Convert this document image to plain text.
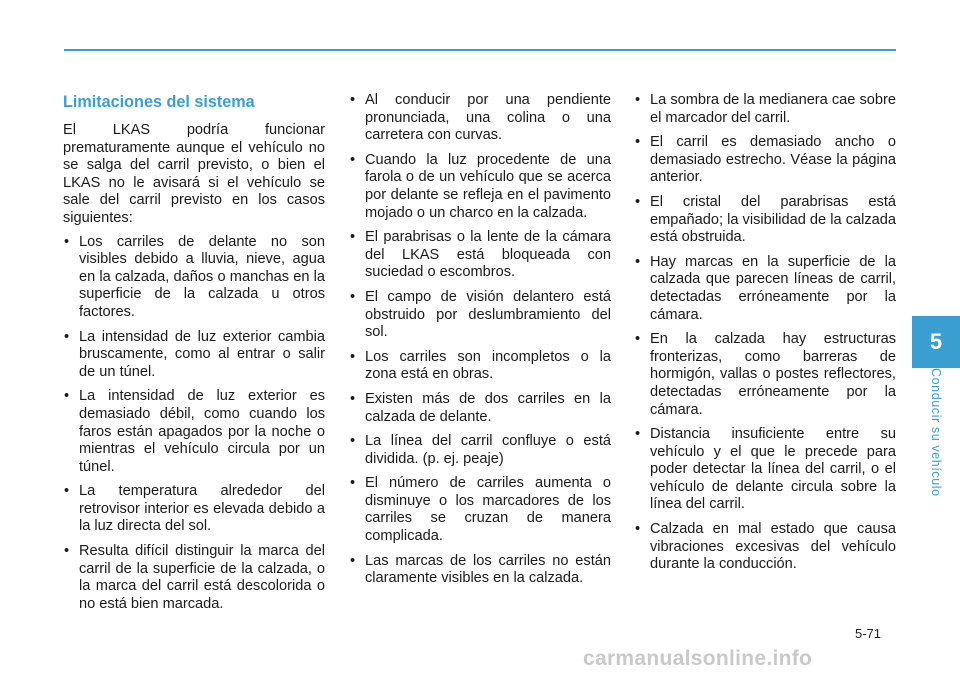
5
Conducir su vehículo
Limitaciones del sistema
El LKAS podría funcionar prematuramente aunque el vehículo no se salga del carril previsto, o bien el LKAS no le avisará si el vehículo se sale del carril previsto en los casos siguientes:
• Los carriles de delante no son visibles debido a lluvia, nieve, agua en la calzada, daños o manchas en la superficie de la calzada u otros factores.
• La intensidad de luz exterior cambia bruscamente, como al entrar o salir de un túnel.
• La intensidad de luz exterior es demasiado débil, como cuando los faros están apagados por la noche o mientras el vehículo circula por un túnel.
• La temperatura alrededor del retrovisor interior es elevada debido a la luz directa del sol.
• Resulta difícil distinguir la marca del carril de la superficie de la calzada, o la marca del carril está descolorida o no está bien marcada.
• Al conducir por una pendiente pronunciada, una colina o una carretera con curvas.
• Cuando la luz procedente de una farola o de un vehículo que se acerca por delante se refleja en el pavimento mojado o un charco en la calzada.
• El parabrisas o la lente de la cámara del LKAS está bloqueada con suciedad o escombros.
• El campo de visión delantero está obstruido por deslumbramiento del sol.
• Los carriles son incompletos o la zona está en obras.
• Existen más de dos carriles en la calzada de delante.
• La línea del carril confluye o está dividida. (p. ej. peaje)
• El número de carriles aumenta o disminuye o los marcadores de los carriles se cruzan de manera complicada.
• Las marcas de los carriles no están claramente visibles en la calzada.
• La sombra de la medianera cae sobre el marcador del carril.
• El carril es demasiado ancho o demasiado estrecho. Véase la página anterior.
• El cristal del parabrisas está empañado; la visibilidad de la calzada está obstruida.
• Hay marcas en la superficie de la calzada que parecen líneas de carril, detectadas erróneamente por la cámara.
• En la calzada hay estructuras fronterizas, como barreras de hormigón, vallas o postes reflectores, detectadas erróneamente por la cámara.
• Distancia insuficiente entre su vehículo y el que le precede para poder detectar la línea del carril, o el vehículo de delante circula sobre la línea del carril.
• Calzada en mal estado que causa vibraciones excesivas del vehículo durante la conducción.
5-71
carmanualsonline.info
